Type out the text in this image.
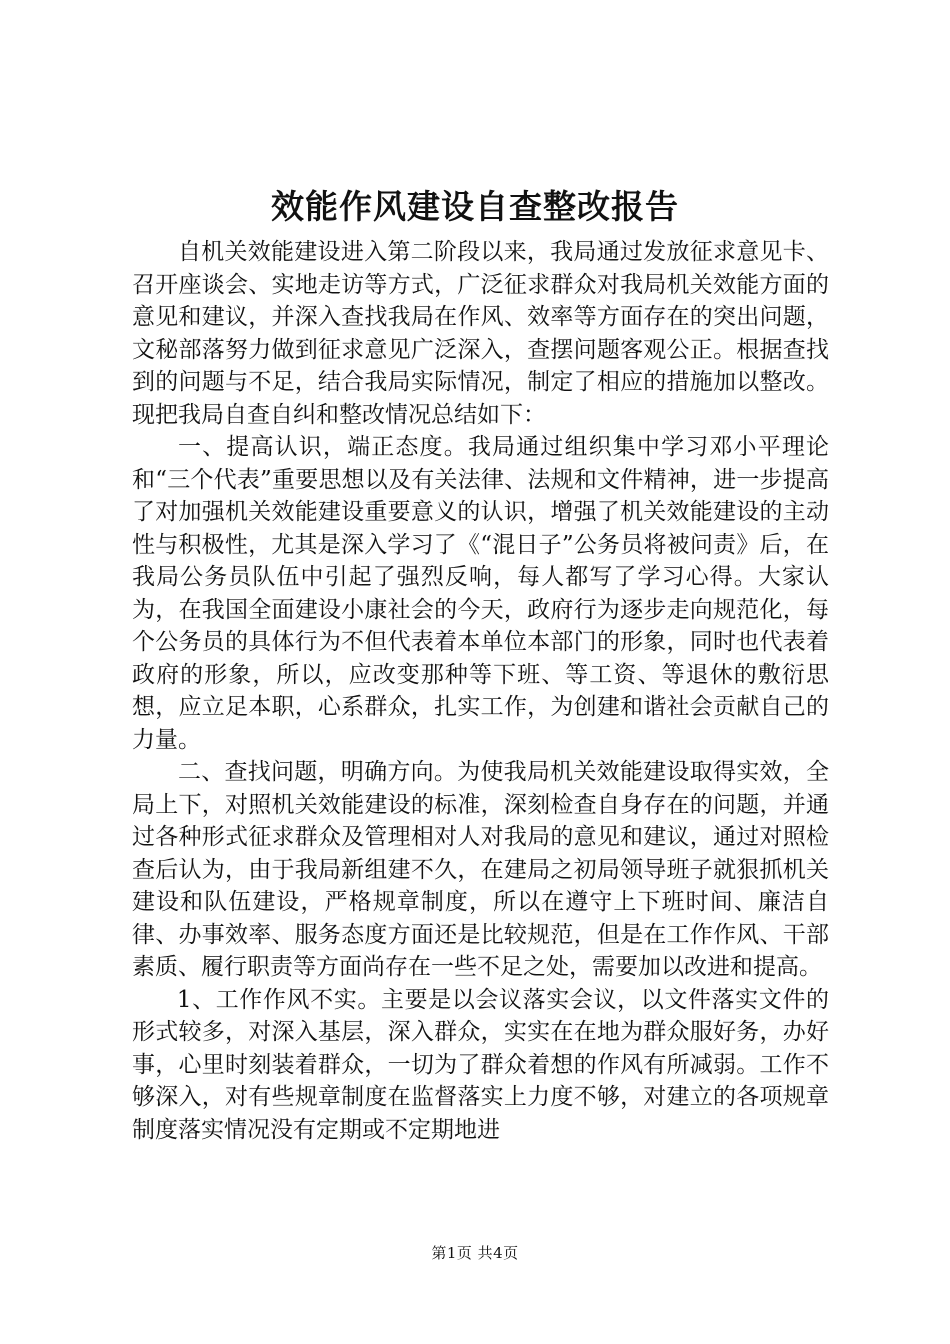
效能作风建设自查整改报告

自机关效能建设进入第二阶段以来，我局通过发放征求意见卡、召开座谈会、实地走访等方式，广泛征求群众对我局机关效能方面的意见和建议，并深入查找我局在作风、效率等方面存在的突出问题，文秘部落努力做到征求意见广泛深入，查摆问题客观公正。根据查找到的问题与不足，结合我局实际情况，制定了相应的措施加以整改。现把我局自查自纠和整改情况总结如下：

一、提高认识，端正态度。我局通过组织集中学习邓小平理论和“三个代表”重要思想以及有关法律、法规和文件精神，进一步提高了对加强机关效能建设重要意义的认识，增强了机关效能建设的主动性与积极性，尤其是深入学习了《“混日子”公务员将被问责》后，在我局公务员队伍中引起了强烈反响，每人都写了学习心得。大家认为，在我国全面建设小康社会的今天，政府行为逐步走向规范化，每个公务员的具体行为不但代表着本单位本部门的形象，同时也代表着政府的形象，所以，应改变那种等下班、等工资、等退休的敷衍思想，应立足本职，心系群众，扎实工作，为创建和谐社会贡献自己的力量。

二、查找问题，明确方向。为使我局机关效能建设取得实效，全局上下，对照机关效能建设的标准，深刻检查自身存在的问题，并通过各种形式征求群众及管理相对人对我局的意见和建议，通过对照检查后认为，由于我局新组建不久，在建局之初局领导班子就狠抓机关建设和队伍建设，严格规章制度，所以在遵守上下班时间、廉洁自律、办事效率、服务态度方面还是比较规范，但是在工作作风、干部素质、履行职责等方面尚存在一些不足之处，需要加以改进和提高。

1、工作作风不实。主要是以会议落实会议，以文件落实文件的形式较多，对深入基层，深入群众，实实在在地为群众服好务，办好事，心里时刻装着群众，一切为了群众着想的作风有所减弱。工作不够深入，对有些规章制度在监督落实上力度不够，对建立的各项规章制度落实情况没有定期或不定期地进

第1页 共4页
